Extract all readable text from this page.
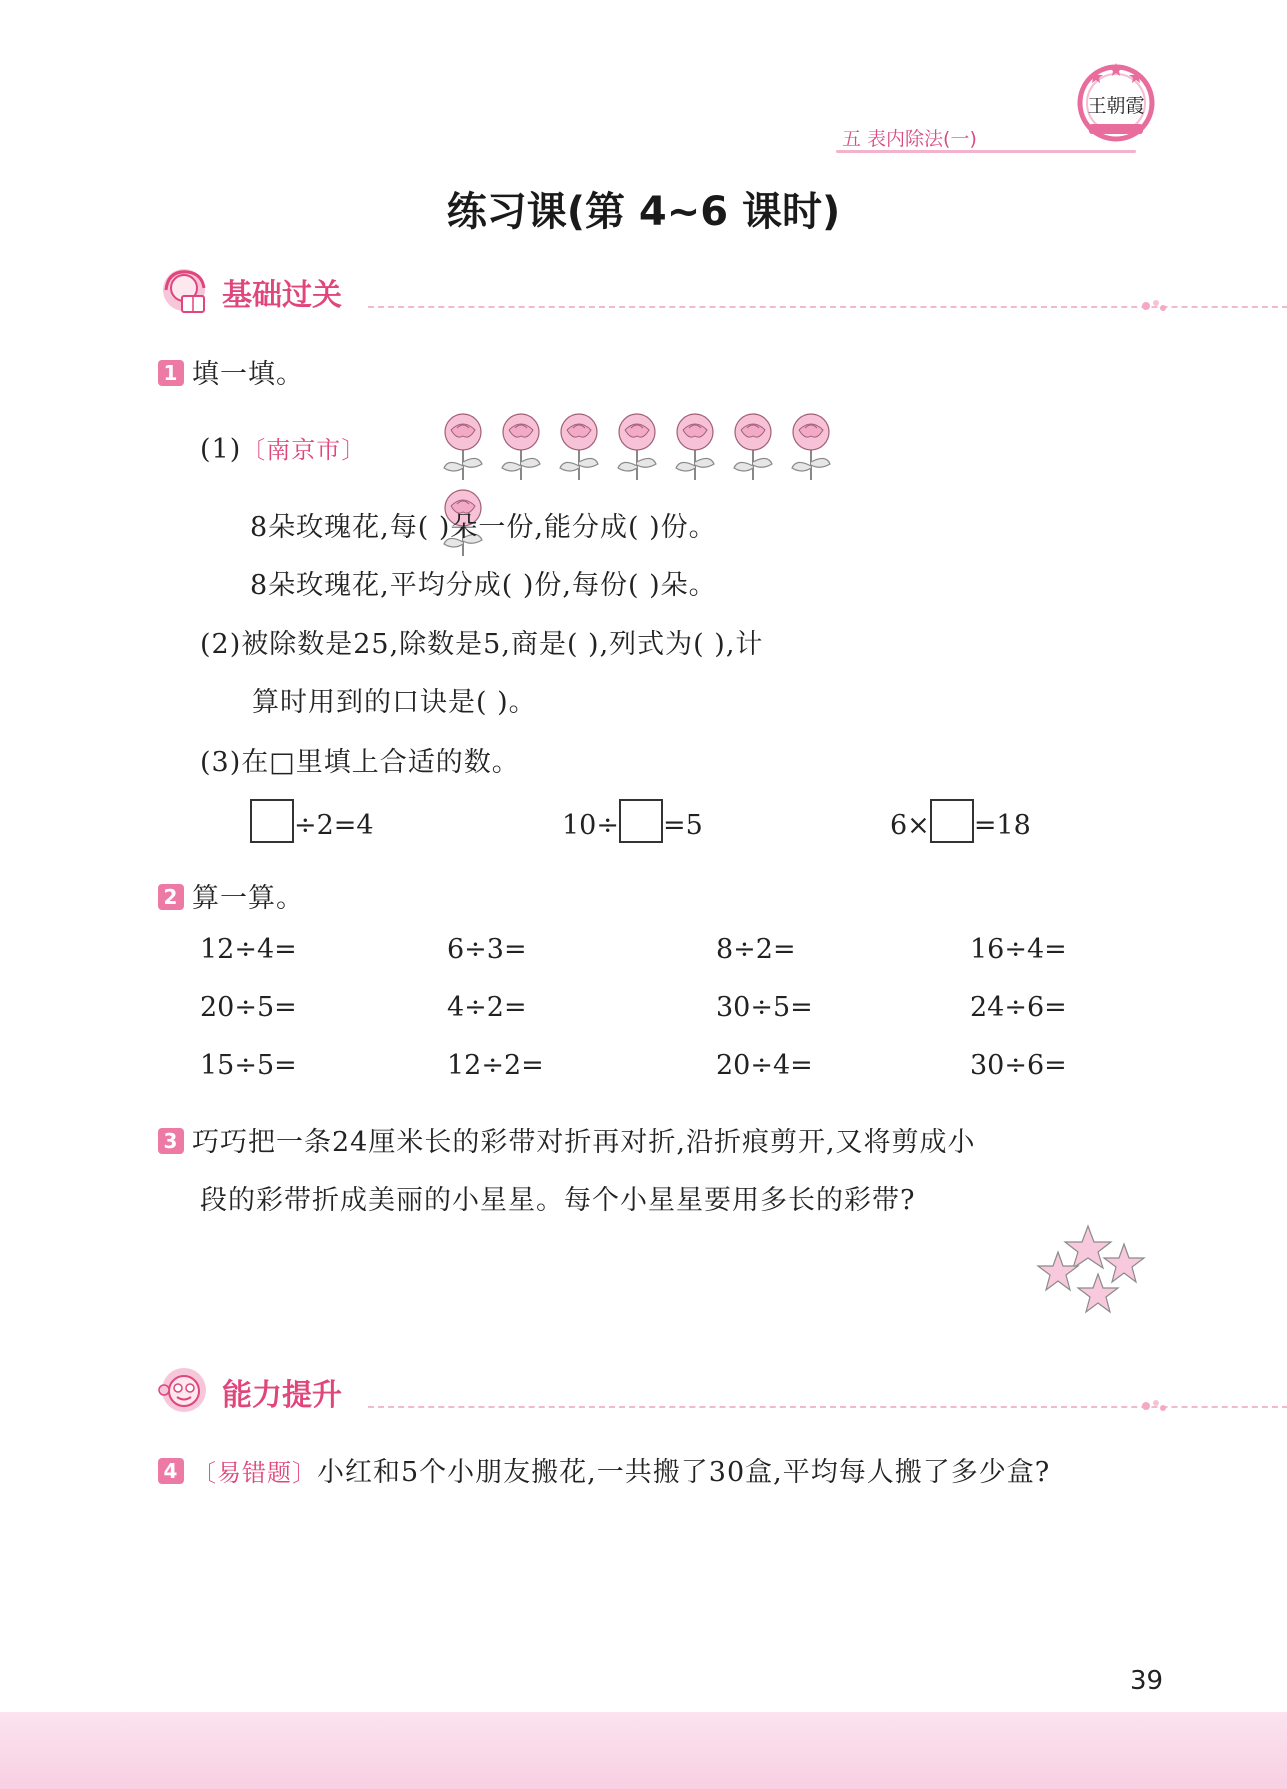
五 表内除法(一)
王朝霞
练习课(第 4~6 课时)
基础过关
1 填一填。
(1)〔南京市〕
8朵玫瑰花,每( )朵一份,能分成( )份。
8朵玫瑰花,平均分成( )份,每份( )朵。
(2)被除数是25,除数是5,商是( ),列式为( ),计
算时用到的口诀是( )。
(3)在□里填上合适的数。
÷2=4	10÷ =5	6× =18
2 算一算。
12÷4=	6÷3=	8÷2=	16÷4=
20÷5=	4÷2=	30÷5=	24÷6=
15÷5=	12÷2=	20÷4=	30÷6=
3 巧巧把一条24厘米长的彩带对折再对折,沿折痕剪开,又将剪成小
段的彩带折成美丽的小星星。每个小星星要用多长的彩带?
能力提升
4 〔易错题〕小红和5个小朋友搬花,一共搬了30盒,平均每人搬了多少盒?
39
